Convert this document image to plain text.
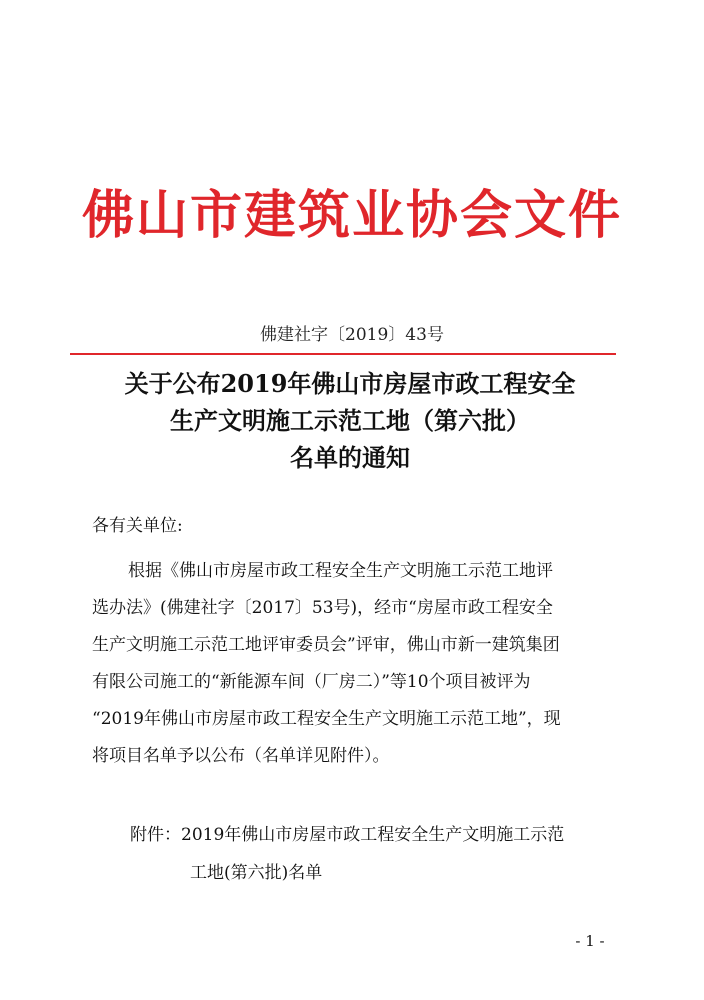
佛山市建筑业协会文件
佛建社字〔2019〕43号
关于公布2019年佛山市房屋市政工程安全
生产文明施工示范工地（第六批）
名单的通知
各有关单位:
根据《佛山市房屋市政工程安全生产文明施工示范工地评
选办法》(佛建社字〔2017〕53号)，经市“房屋市政工程安全
生产文明施工示范工地评审委员会”评审，佛山市新一建筑集团
有限公司施工的“新能源车间（厂房二）”等10个项目被评为
“2019年佛山市房屋市政工程安全生产文明施工示范工地”，现
将项目名单予以公布（名单详见附件）。
附件：2019年佛山市房屋市政工程安全生产文明施工示范
工地(第六批)名单
- 1 -
